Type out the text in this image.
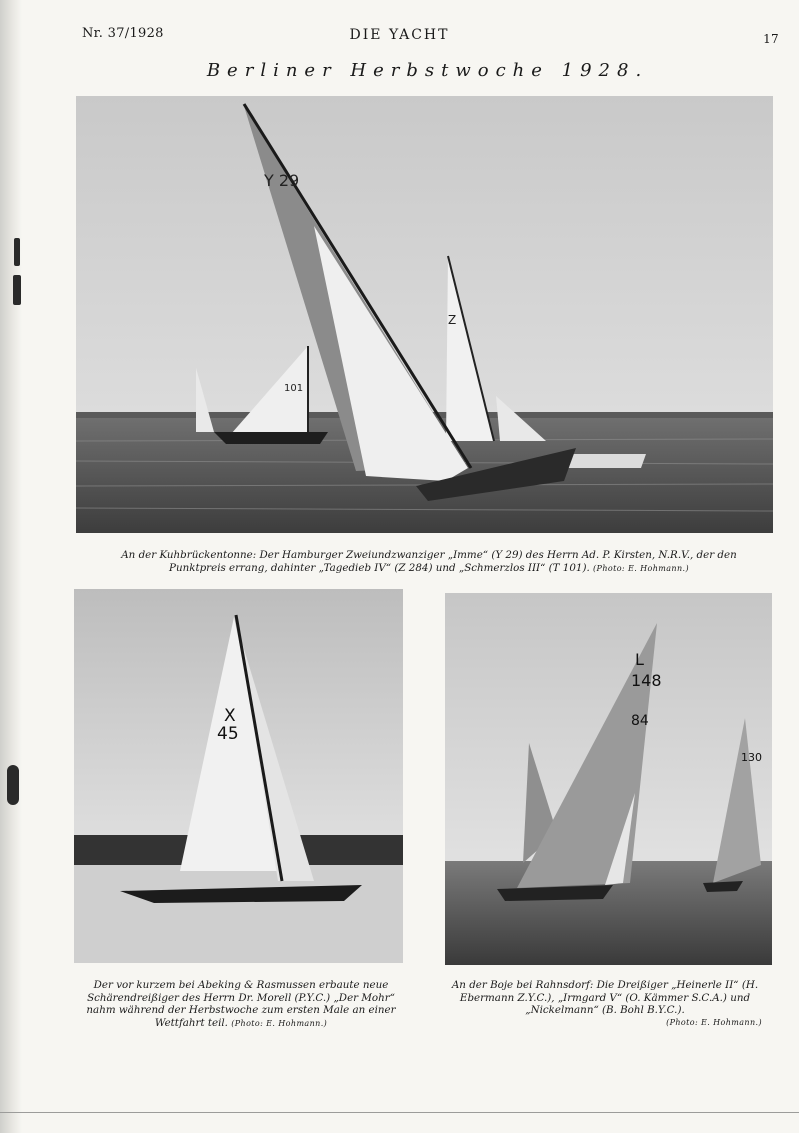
Nr. 37/1928	DIE YACHT	17
Berliner Herbstwoche 1928.
Y 29
Z
101
An der Kuhbrückentonne: Der Hamburger Zweiundzwanziger „Imme“ (Y 29) des Herrn Ad. P. Kirsten, N.R.V., der den Punktpreis errang, dahinter „Tagedieb IV“ (Z 284) und „Schmerzlos III“ (T 101). (Photo: E. Hohmann.)
X
45
Der vor kurzem bei Abeking & Rasmussen erbaute neue Schärendreißiger des Herrn Dr. Morell (P.Y.C.) „Der Mohr“ nahm während der Herbstwoche zum ersten Male an einer Wettfahrt teil. (Photo: E. Hohmann.)
L
148
84
130
An der Boje bei Rahnsdorf: Die Dreißiger „Heinerle II“ (H. Ebermann Z.Y.C.), „Irmgard V“ (O. Kämmer S.C.A.) und „Nickelmann“ (B. Bohl B.Y.C.).

(Photo: E. Hohmann.)
